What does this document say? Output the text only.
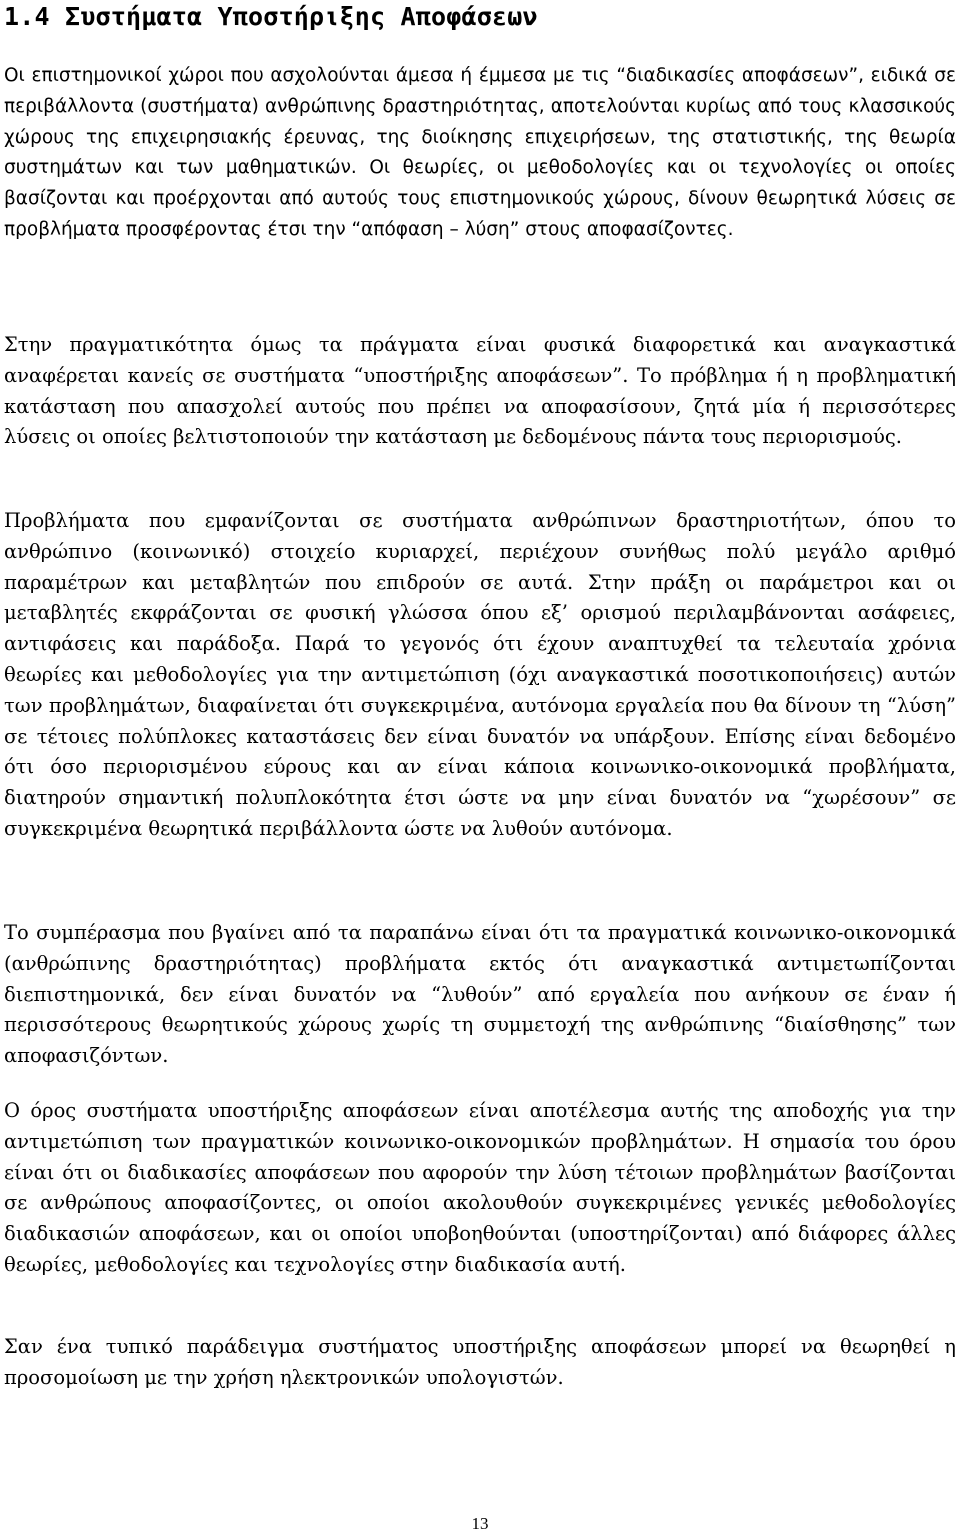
1.4 Συστήματα Υποστήριξης Αποφάσεων

Οι επιστημονικοί χώροι που ασχολούνται άμεσα ή έμμεσα με τις “διαδικασίες αποφάσεων”, ειδικά σε περιβάλλοντα (συστήματα) ανθρώπινης δραστηριότητας, αποτελούνται κυρίως από τους κλασσικούς χώρους της επιχειρησιακής έρευνας, της διοίκησης επιχειρήσεων, της στατιστικής, της θεωρία συστημάτων και των μαθηματικών. Οι θεωρίες, οι μεθοδολογίες και οι τεχνολογίες οι οποίες βασίζονται και προέρχονται από αυτούς τους επιστημονικούς χώρους, δίνουν θεωρητικά λύσεις σε προβλήματα προσφέροντας έτσι την “απόφαση – λύση” στους αποφασίζοντες.

Στην πραγματικότητα όμως τα πράγματα είναι φυσικά διαφορετικά και αναγκαστικά αναφέρεται κανείς σε συστήματα “υποστήριξης αποφάσεων”. Το πρόβλημα ή η προβληματική κατάσταση που απασχολεί αυτούς που πρέπει να αποφασίσουν, ζητά μία ή περισσότερες λύσεις οι οποίες βελτιστοποιούν την κατάσταση με δεδομένους πάντα τους περιορισμούς.

Προβλήματα που εμφανίζονται σε συστήματα ανθρώπινων δραστηριοτήτων, όπου το ανθρώπινο (κοινωνικό) στοιχείο κυριαρχεί, περιέχουν συνήθως πολύ μεγάλο αριθμό παραμέτρων και μεταβλητών που επιδρούν σε αυτά. Στην πράξη οι παράμετροι και οι μεταβλητές εκφράζονται σε φυσική γλώσσα όπου εξ’ ορισμού περιλαμβάνονται ασάφειες, αντιφάσεις και παράδοξα. Παρά το γεγονός ότι έχουν αναπτυχθεί τα τελευταία χρόνια θεωρίες και μεθοδολογίες για την αντιμετώπιση (όχι αναγκαστικά ποσοτικοποιήσεις) αυτών των προβλημάτων, διαφαίνεται ότι συγκεκριμένα, αυτόνομα εργαλεία που θα δίνουν τη “λύση” σε τέτοιες πολύπλοκες καταστάσεις δεν είναι δυνατόν να υπάρξουν. Επίσης είναι δεδομένο ότι όσο περιορισμένου εύρους και αν είναι κάποια κοινωνικο-οικονομικά προβλήματα, διατηρούν σημαντική πολυπλοκότητα έτσι ώστε να μην είναι δυνατόν να “χωρέσουν” σε συγκεκριμένα θεωρητικά περιβάλλοντα ώστε να λυθούν αυτόνομα.

Το συμπέρασμα που βγαίνει από τα παραπάνω είναι ότι τα πραγματικά κοινωνικο-οικονομικά (ανθρώπινης δραστηριότητας) προβλήματα εκτός ότι αναγκαστικά αντιμετωπίζονται διεπιστημονικά, δεν είναι δυνατόν να “λυθούν” από εργαλεία που ανήκουν σε έναν ή περισσότερους θεωρητικούς χώρους χωρίς τη συμμετοχή της ανθρώπινης “διαίσθησης” των αποφασιζόντων.

Ο όρος συστήματα υποστήριξης αποφάσεων είναι αποτέλεσμα αυτής της αποδοχής για την αντιμετώπιση των πραγματικών κοινωνικο-οικονομικών προβλημάτων. Η σημασία του όρου είναι ότι οι διαδικασίες αποφάσεων που αφορούν την λύση τέτοιων προβλημάτων βασίζονται σε ανθρώπους αποφασίζοντες, οι οποίοι ακολουθούν συγκεκριμένες γενικές μεθοδολογίες διαδικασιών αποφάσεων, και οι οποίοι υποβοηθούνται (υποστηρίζονται) από διάφορες άλλες θεωρίες, μεθοδολογίες και τεχνολογίες στην διαδικασία αυτή.

Σαν ένα τυπικό παράδειγμα συστήματος υποστήριξης αποφάσεων μπορεί να θεωρηθεί η προσομοίωση με την χρήση ηλεκτρονικών υπολογιστών.

13
